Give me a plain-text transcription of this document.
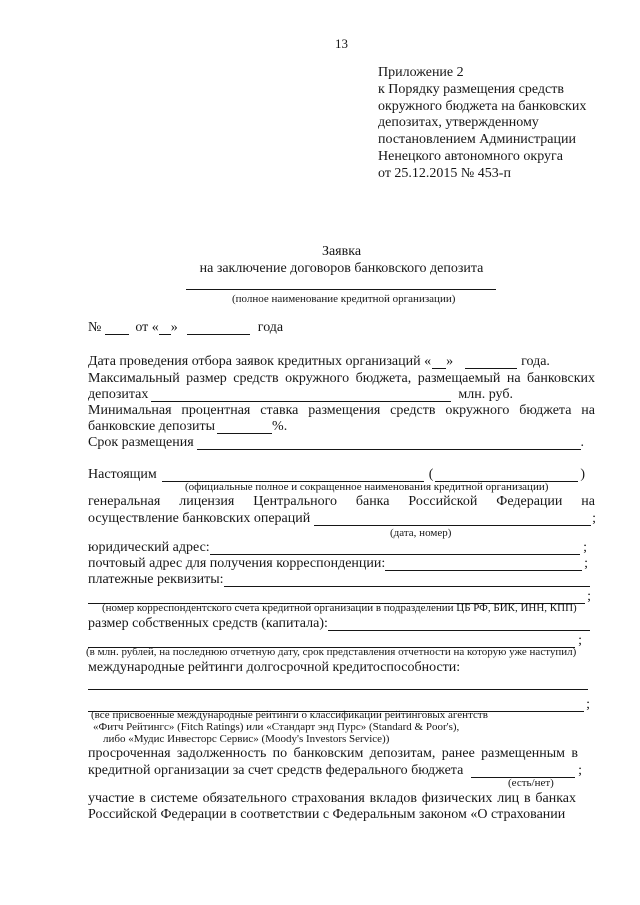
13
Приложение 2
к Порядку размещения средств
окружного бюджета на банковских
депозитах, утвержденному
постановлением Администрации
Ненецкого автономного округа
от 25.12.2015 № 453-п
Заявка
на заключение договоров банковского депозита
(полное наименование кредитной организации)
№ от « »	года
Дата проведения отбора заявок кредитных организаций « »	года.
Максимальный размер средств окружного бюджета, размещаемый на банковских
депозитах	млн. руб.
Минимальная процентная ставка размещения средств окружного бюджета на
банковские депозиты	%.
Срок размещения	.
Настоящим	(	)
(официальные полное и сокращенное наименования кредитной организации)
генеральная лицензия Центрального банка Российской Федерации на
осуществление банковских операций	;
(дата, номер)
юридический адрес:	;
почтовый адрес для получения корреспонденции:	;
платежные реквизиты:
;
(номер корреспондентского счета кредитной организации в подразделении ЦБ РФ, БИК, ИНН, КПП)
размер собственных средств (капитала):
;
(в млн. рублей, на последнюю отчетную дату, срок представления отчетности на которую уже наступил)
международные рейтинги долгосрочной кредитоспособности:
;
(все присвоенные международные рейтинги о классификации рейтинговых агентств
«Фитч Рейтингс» (Fitch Ratings) или «Стандарт энд Пурс» (Standard & Poor's),
либо «Мудис Инвесторс Сервис» (Moody's Investors Service))
просроченная задолженность по банковским депозитам, ранее размещенным в
кредитной организации за счет средств федерального бюджета	;
(есть/нет)
участие в системе обязательного страхования вкладов физических лиц в банках
Российской Федерации в соответствии с Федеральным законом «О страховании
